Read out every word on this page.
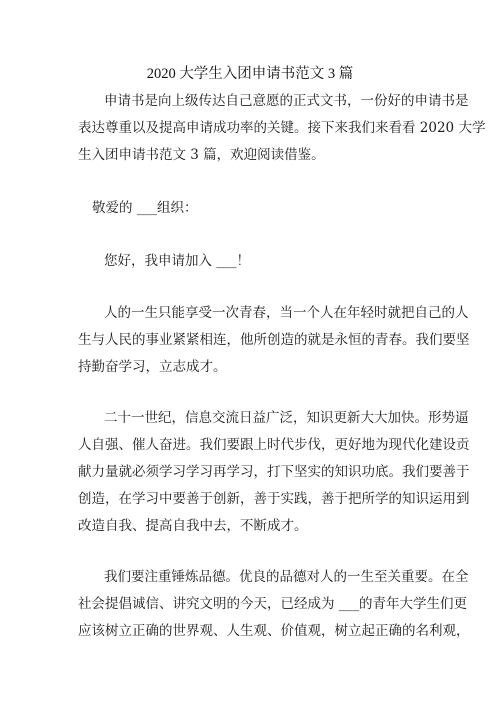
2020 大学生入团申请书范文 3 篇
申请书是向上级传达自己意愿的正式文书，一份好的申请书是
表达尊重以及提高申请成功率的关键。接下来我们来看看 2020 大学
生入团申请书范文 3 篇，欢迎阅读借鉴。
敬爱的 ___组织：
您好，我申请加入 ___！
人的一生只能享受一次青春，当一个人在年轻时就把自己的人
生与人民的事业紧紧相连，他所创造的就是永恒的青春。我们要坚
持勤奋学习，立志成才。
二十一世纪，信息交流日益广泛，知识更新大大加快。形势逼
人自强、催人奋进。我们要跟上时代步伐，更好地为现代化建设贡
献力量就必须学习学习再学习，打下坚实的知识功底。我们要善于
创造，在学习中要善于创新，善于实践，善于把所学的知识运用到
改造自我、提高自我中去，不断成才。
我们要注重锤炼品德。优良的品德对人的一生至关重要。在全
社会提倡诚信、讲究文明的今天，已经成为 ___的青年大学生们更
应该树立正确的世界观、人生观、价值观，树立起正确的名利观，
